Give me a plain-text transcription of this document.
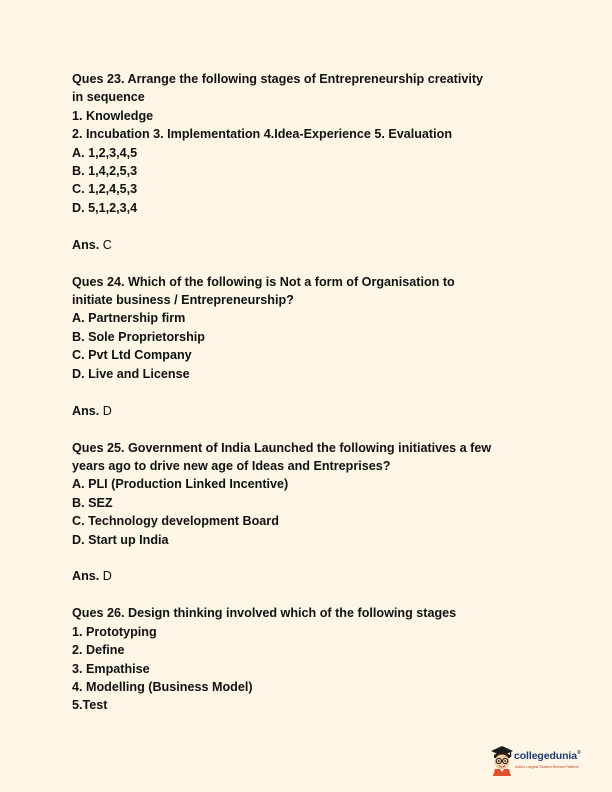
Ques 23. Arrange the following stages of Entrepreneurship creativity
in sequence
1. Knowledge
2. Incubation 3. Implementation 4.Idea-Experience 5. Evaluation
A. 1,2,3,4,5
B. 1,4,2,5,3
C. 1,2,4,5,3
D. 5,1,2,3,4
Ans. C
Ques 24. Which of the following is Not a form of Organisation to
initiate business / Entrepreneurship?
A. Partnership firm
B. Sole Proprietorship
C. Pvt Ltd Company
D. Live and License
Ans. D
Ques 25. Government of India Launched the following initiatives a few
years ago to drive new age of Ideas and Entreprises?
A. PLI (Production Linked Incentive)
B. SEZ
C. Technology development Board
D. Start up India
Ans. D
Ques 26. Design thinking involved which of the following stages
1. Prototyping
2. Define
3. Empathise
4. Modelling (Business Model)
5.Test
collegedunia®
India's Largest Student Review Platform
